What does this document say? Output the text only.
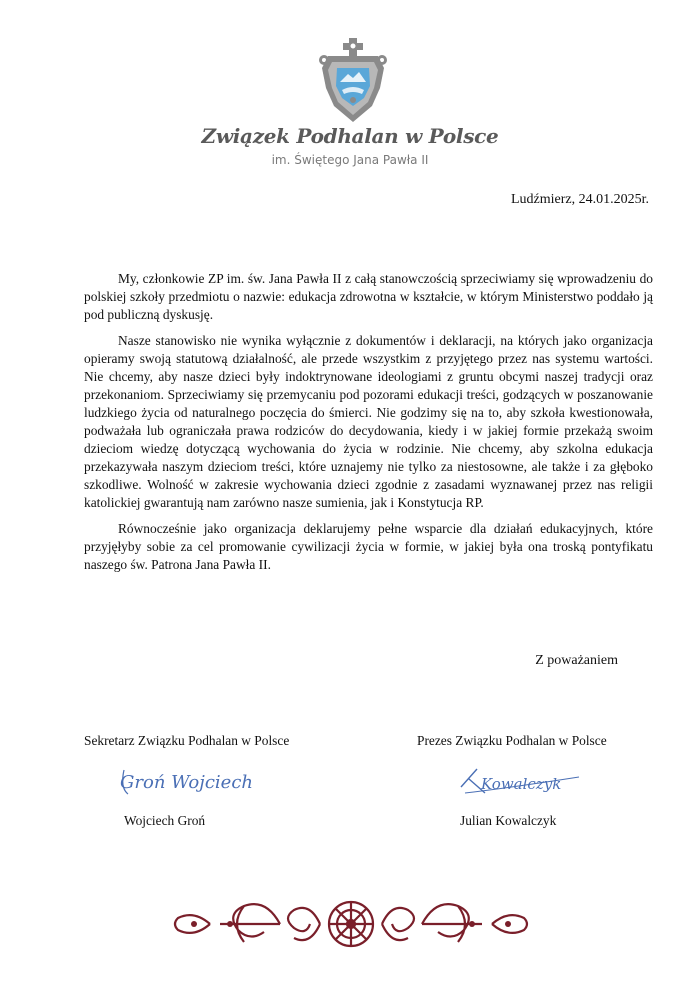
Związek Podhalan w Polsce
im. Świętego Jana Pawła II
Ludźmierz, 24.01.2025r.

My, członkowie ZP im. św. Jana Pawła II z całą stanowczością sprzeciwiamy się wprowadzeniu do polskiej szkoły przedmiotu o nazwie: edukacja zdrowotna w kształcie, w którym Ministerstwo poddało ją pod publiczną dyskusję.

Nasze stanowisko nie wynika wyłącznie z dokumentów i deklaracji, na których jako organizacja opieramy swoją statutową działalność, ale przede wszystkim z przyjętego przez nas systemu wartości. Nie chcemy, aby nasze dzieci były indoktrynowane ideologiami z gruntu obcymi naszej tradycji oraz przekonaniom. Sprzeciwiamy się przemycaniu pod pozorami edukacji treści, godzących w poszanowanie ludzkiego życia od naturalnego poczęcia do śmierci. Nie godzimy się na to, aby szkoła kwestionowała, podważała lub ograniczała prawa rodziców do decydowania, kiedy i w jakiej formie przekażą swoim dzieciom wiedzę dotyczącą wychowania do życia w rodzinie. Nie chcemy, aby szkolna edukacja przekazywała naszym dzieciom treści, które uznajemy nie tylko za niestosowne, ale także i za głęboko szkodliwe. Wolność w zakresie wychowania dzieci zgodnie z zasadami wyznawanej przez nas religii katolickiej gwarantują nam zarówno nasze sumienia, jak i Konstytucja RP.

Równocześnie jako organizacja deklarujemy pełne wsparcie dla działań edukacyjnych, które przyjęłyby sobie za cel promowanie cywilizacji życia w formie, w jakiej była ona troską pontyfikatu naszego św. Patrona Jana Pawła II.

Z poważaniem
Sekretarz Związku Podhalan w Polsce	Prezes Związku Podhalan w Polsce
Groń Wojciech	Kowalczyk
Wojciech Groń	Julian Kowalczyk
